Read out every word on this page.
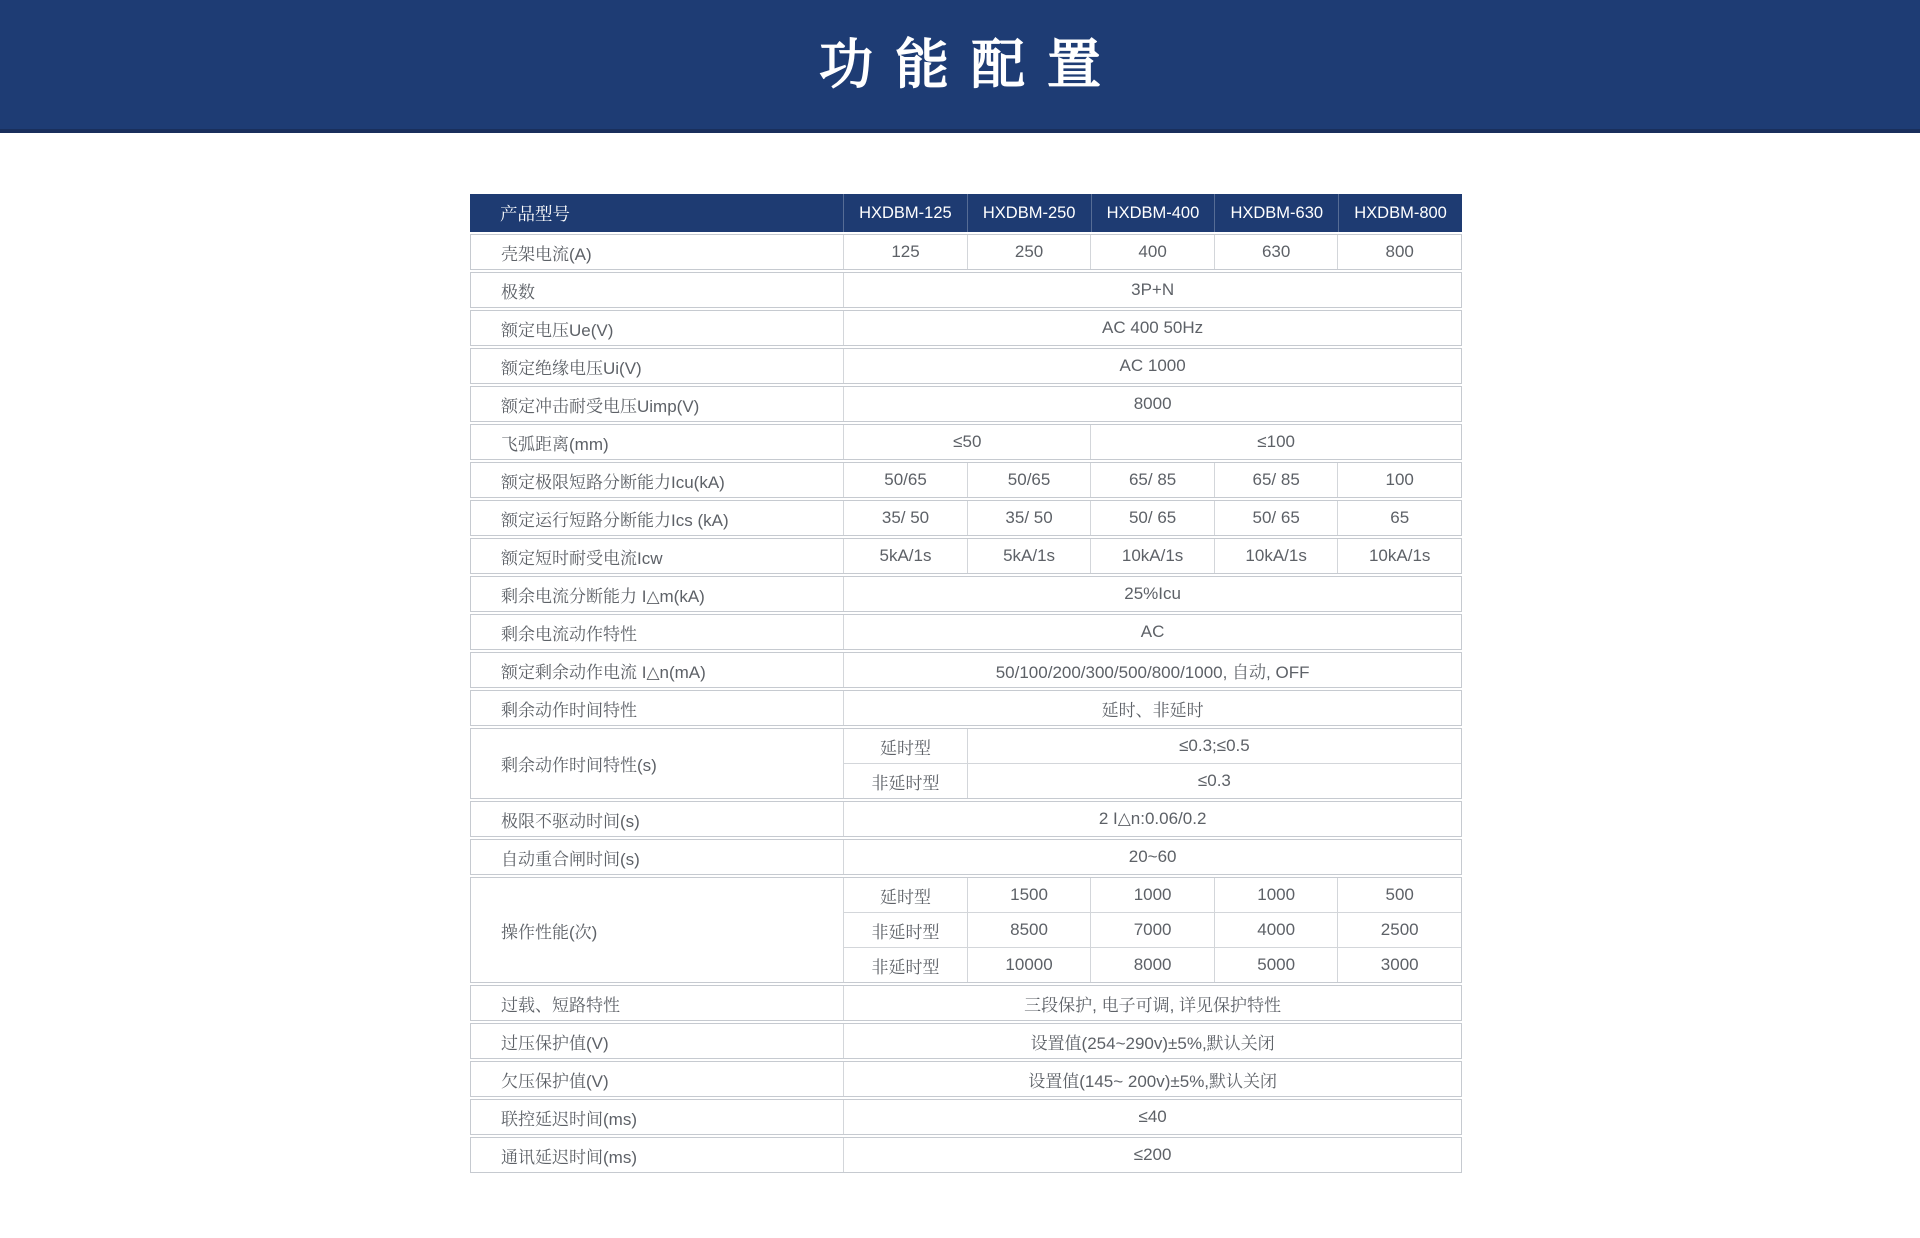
功能配置
产品型号	HXDBM-125	HXDBM-250	HXDBM-400	HXDBM-630	HXDBM-800
壳架电流(A)	125	250	400	630	800
极数	3P+N
额定电压Ue(V)	AC 400 50Hz
额定绝缘电压Ui(V)	AC 1000
额定冲击耐受电压Uimp(V)	8000
飞弧距离(mm)	≤50	≤100
额定极限短路分断能力Icu(kA)	50/65	50/65	65/ 85	65/ 85	100
额定运行短路分断能力Ics (kA)	35/ 50	35/ 50	50/ 65	50/ 65	65
额定短时耐受电流Icw	5kA/1s	5kA/1s	10kA/1s	10kA/1s	10kA/1s
剩余电流分断能力 I△m(kA)	25%Icu
剩余电流动作特性	AC
额定剩余动作电流 I△n(mA)	50/100/200/300/500/800/1000, 自动, OFF
剩余动作时间特性	延时、非延时
剩余动作时间特性(s)
延时型	≤0.3;≤0.5
非延时型	≤0.3
极限不驱动时间(s)	2 I△n:0.06/0.2
自动重合闸时间(s)	20~60
操作性能(次)
延时型	1500	1000	1000	500
非延时型	8500	7000	4000	2500
非延时型	10000	8000	5000	3000
过载、短路特性	三段保护, 电子可调, 详见保护特性
过压保护值(V)	设置值(254~290v)±5%,默认关闭
欠压保护值(V)	设置值(145~ 200v)±5%,默认关闭
联控延迟时间(ms)	≤40
通讯延迟时间(ms)	≤200
